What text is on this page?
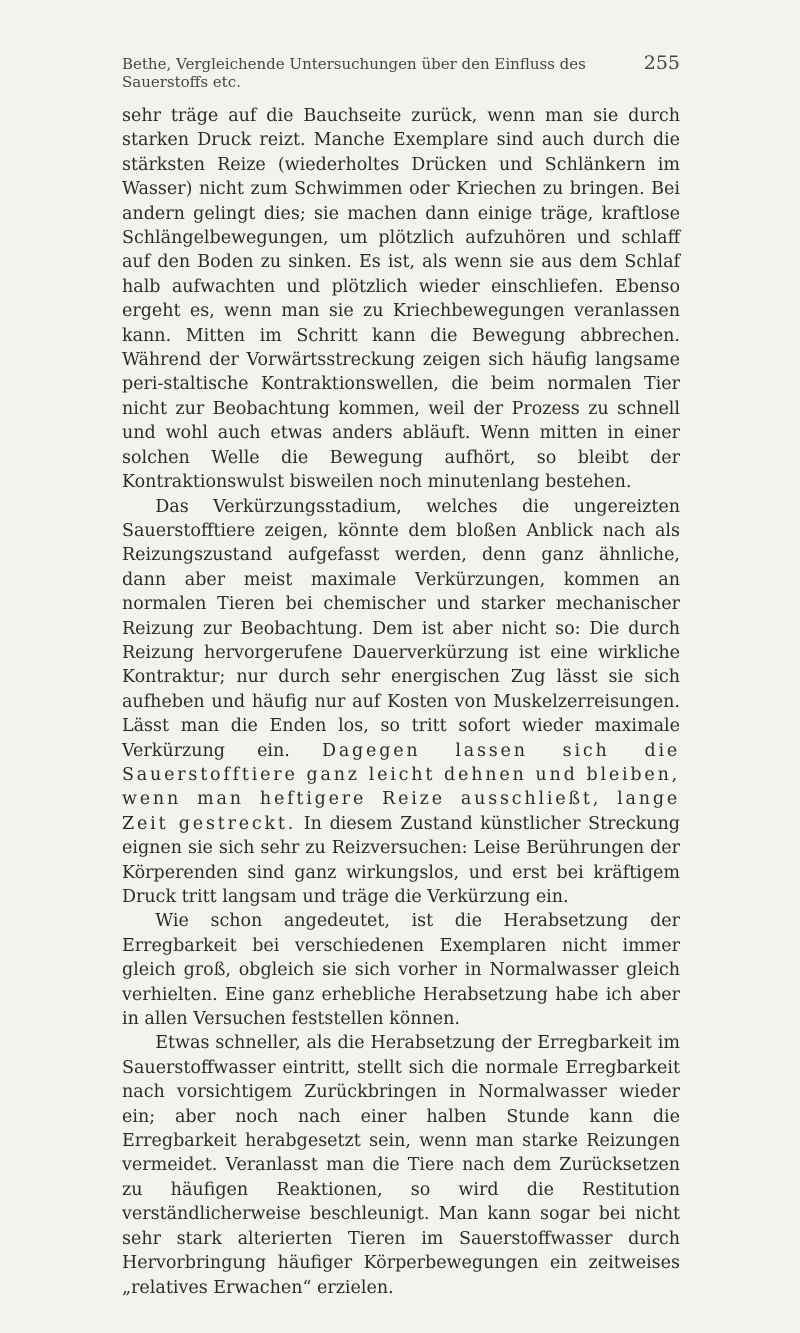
Bethe, Vergleichende Untersuchungen über den Einfluss des Sauerstoffs etc.
255

sehr träge auf die Bauchseite zurück, wenn man sie durch starken Druck reizt. Manche Exemplare sind auch durch die stärksten Reize (wiederholtes Drücken und Schlänkern im Wasser) nicht zum Schwimmen oder Kriechen zu bringen. Bei andern gelingt dies; sie machen dann einige träge, kraftlose Schlängelbewegungen, um plötzlich aufzuhören und schlaff auf den Boden zu sinken. Es ist, als wenn sie aus dem Schlaf halb aufwachten und plötzlich wieder einschliefen. Ebenso ergeht es, wenn man sie zu Kriechbewegungen veranlassen kann. Mitten im Schritt kann die Bewegung abbrechen. Während der Vorwärtsstreckung zeigen sich häufig langsame peri-staltische Kontraktionswellen, die beim normalen Tier nicht zur Beobachtung kommen, weil der Prozess zu schnell und wohl auch etwas anders abläuft. Wenn mitten in einer solchen Welle die Bewegung aufhört, so bleibt der Kontraktionswulst bisweilen noch minutenlang bestehen.

Das Verkürzungsstadium, welches die ungereizten Sauerstofftiere zeigen, könnte dem bloßen Anblick nach als Reizungszustand aufgefasst werden, denn ganz ähnliche, dann aber meist maximale Verkürzungen, kommen an normalen Tieren bei chemischer und starker mechanischer Reizung zur Beobachtung. Dem ist aber nicht so: Die durch Reizung hervorgerufene Dauerverkürzung ist eine wirkliche Kontraktur; nur durch sehr energischen Zug lässt sie sich aufheben und häufig nur auf Kosten von Muskelzerreisungen. Lässt man die Enden los, so tritt sofort wieder maximale Verkürzung ein. Dagegen lassen sich die Sauerstofftiere ganz leicht dehnen und bleiben, wenn man heftigere Reize ausschließt, lange Zeit gestreckt. In diesem Zustand künstlicher Streckung eignen sie sich sehr zu Reizversuchen: Leise Berührungen der Körperenden sind ganz wirkungslos, und erst bei kräftigem Druck tritt langsam und träge die Verkürzung ein.

Wie schon angedeutet, ist die Herabsetzung der Erregbarkeit bei verschiedenen Exemplaren nicht immer gleich groß, obgleich sie sich vorher in Normalwasser gleich verhielten. Eine ganz erhebliche Herabsetzung habe ich aber in allen Versuchen feststellen können.

Etwas schneller, als die Herabsetzung der Erregbarkeit im Sauerstoffwasser eintritt, stellt sich die normale Erregbarkeit nach vorsichtigem Zurückbringen in Normalwasser wieder ein; aber noch nach einer halben Stunde kann die Erregbarkeit herabgesetzt sein, wenn man starke Reizungen vermeidet. Veranlasst man die Tiere nach dem Zurücksetzen zu häufigen Reaktionen, so wird die Restitution verständlicherweise beschleunigt. Man kann sogar bei nicht sehr stark alterierten Tieren im Sauerstoffwasser durch Hervorbringung häufiger Körperbewegungen ein zeitweises „relatives Erwachen“ erzielen.
